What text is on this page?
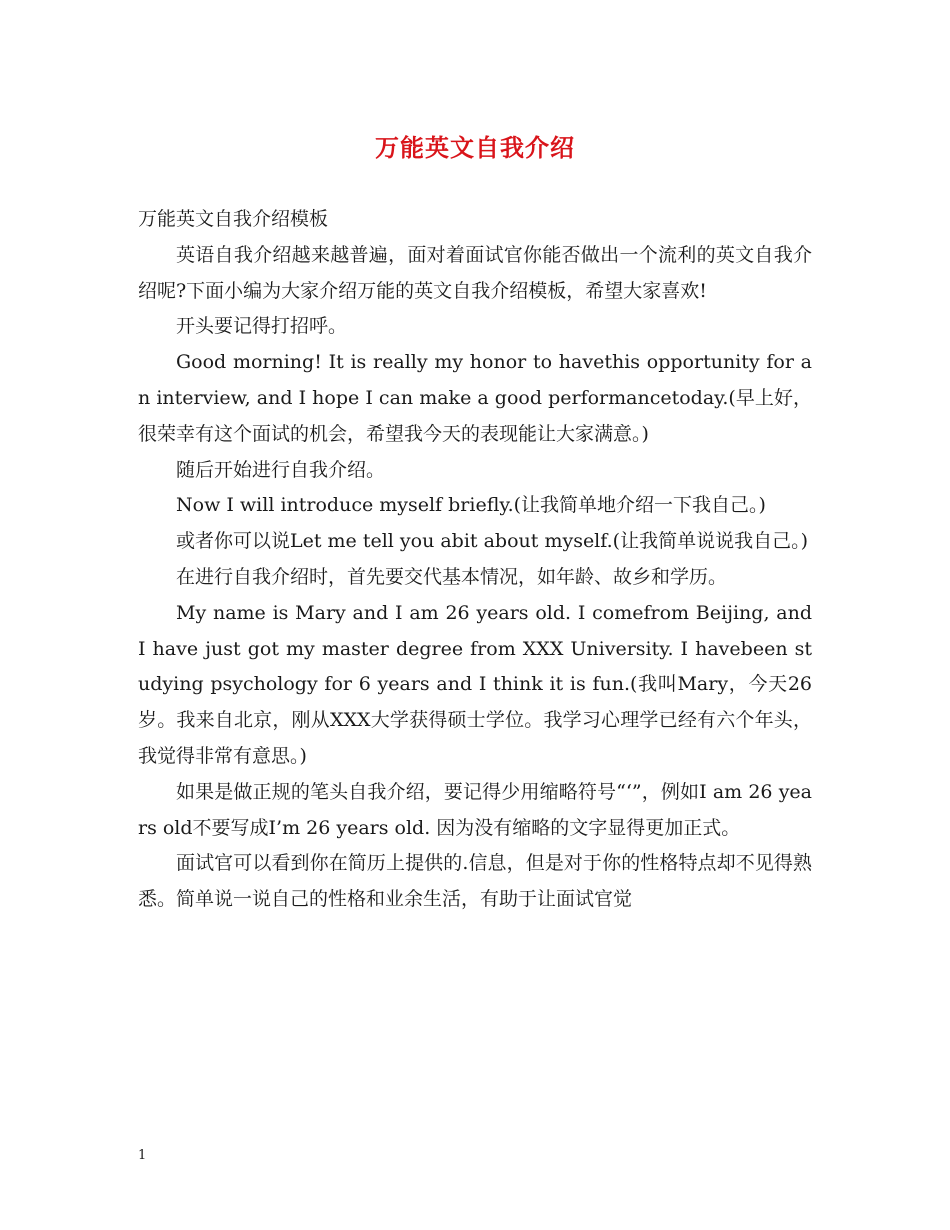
万能英文自我介绍

万能英文自我介绍模板

英语自我介绍越来越普遍，面对着面试官你能否做出一个流利的英文自我介绍呢?下面小编为大家介绍万能的英文自我介绍模板，希望大家喜欢!

开头要记得打招呼。

Good morning! It is really my honor to havethis opportunity for an interview, and I hope I can make a good performancetoday.(早上好，很荣幸有这个面试的机会，希望我今天的表现能让大家满意。)

随后开始进行自我介绍。

Now I will introduce myself briefly.(让我简单地介绍一下我自己。)

或者你可以说Let me tell you abit about myself.(让我简单说说我自己。)

在进行自我介绍时，首先要交代基本情况，如年龄、故乡和学历。

My name is Mary and I am 26 years old. I comefrom Beijing, and I have just got my master degree from XXX University. I havebeen studying psychology for 6 years and I think it is fun.(我叫Mary，今天26岁。我来自北京，刚从XXX大学获得硕士学位。我学习心理学已经有六个年头，我觉得非常有意思。)

如果是做正规的笔头自我介绍，要记得少用缩略符号“‘”，例如I am 26 years old不要写成I’m 26 years old. 因为没有缩略的文字显得更加正式。

面试官可以看到你在简历上提供的.信息，但是对于你的性格特点却不见得熟悉。简单说一说自己的性格和业余生活，有助于让面试官觉

1
